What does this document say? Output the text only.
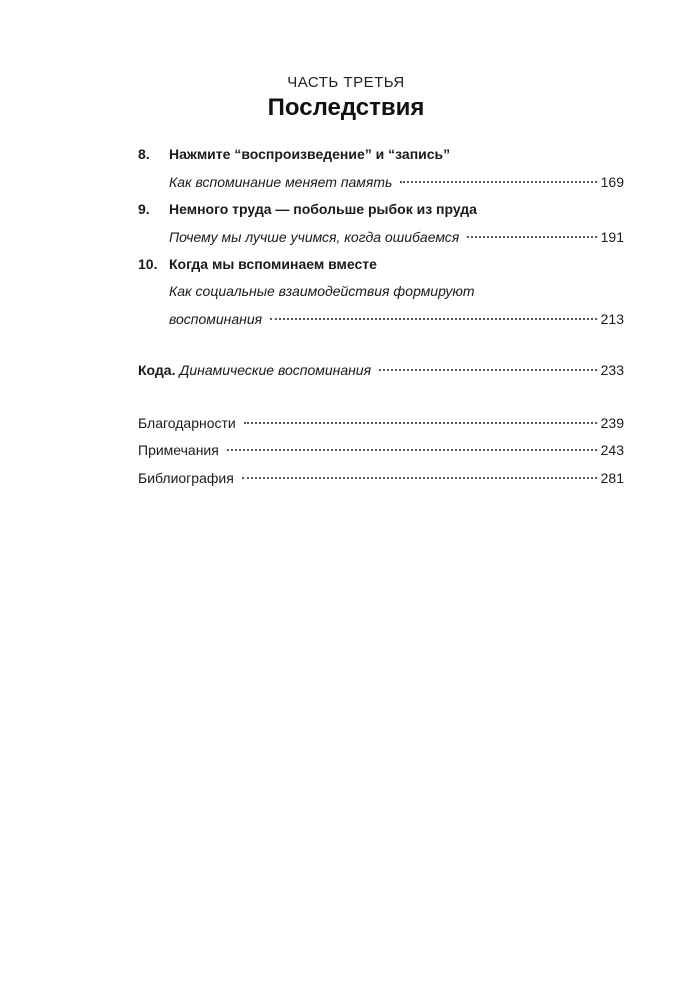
ЧАСТЬ ТРЕТЬЯ
Последствия
8. Нажмите “воспроизведение” и “запись”
Как вспоминание меняет память	169
9. Немного труда — побольше рыбок из пруда
Почему мы лучше учимся, когда ошибаемся	191
10. Когда мы вспоминаем вместе
Как социальные взаимодействия формируют
воспоминания	213
Кода. Динамические воспоминания	233
Благодарности	239
Примечания	243
Библиография	281
